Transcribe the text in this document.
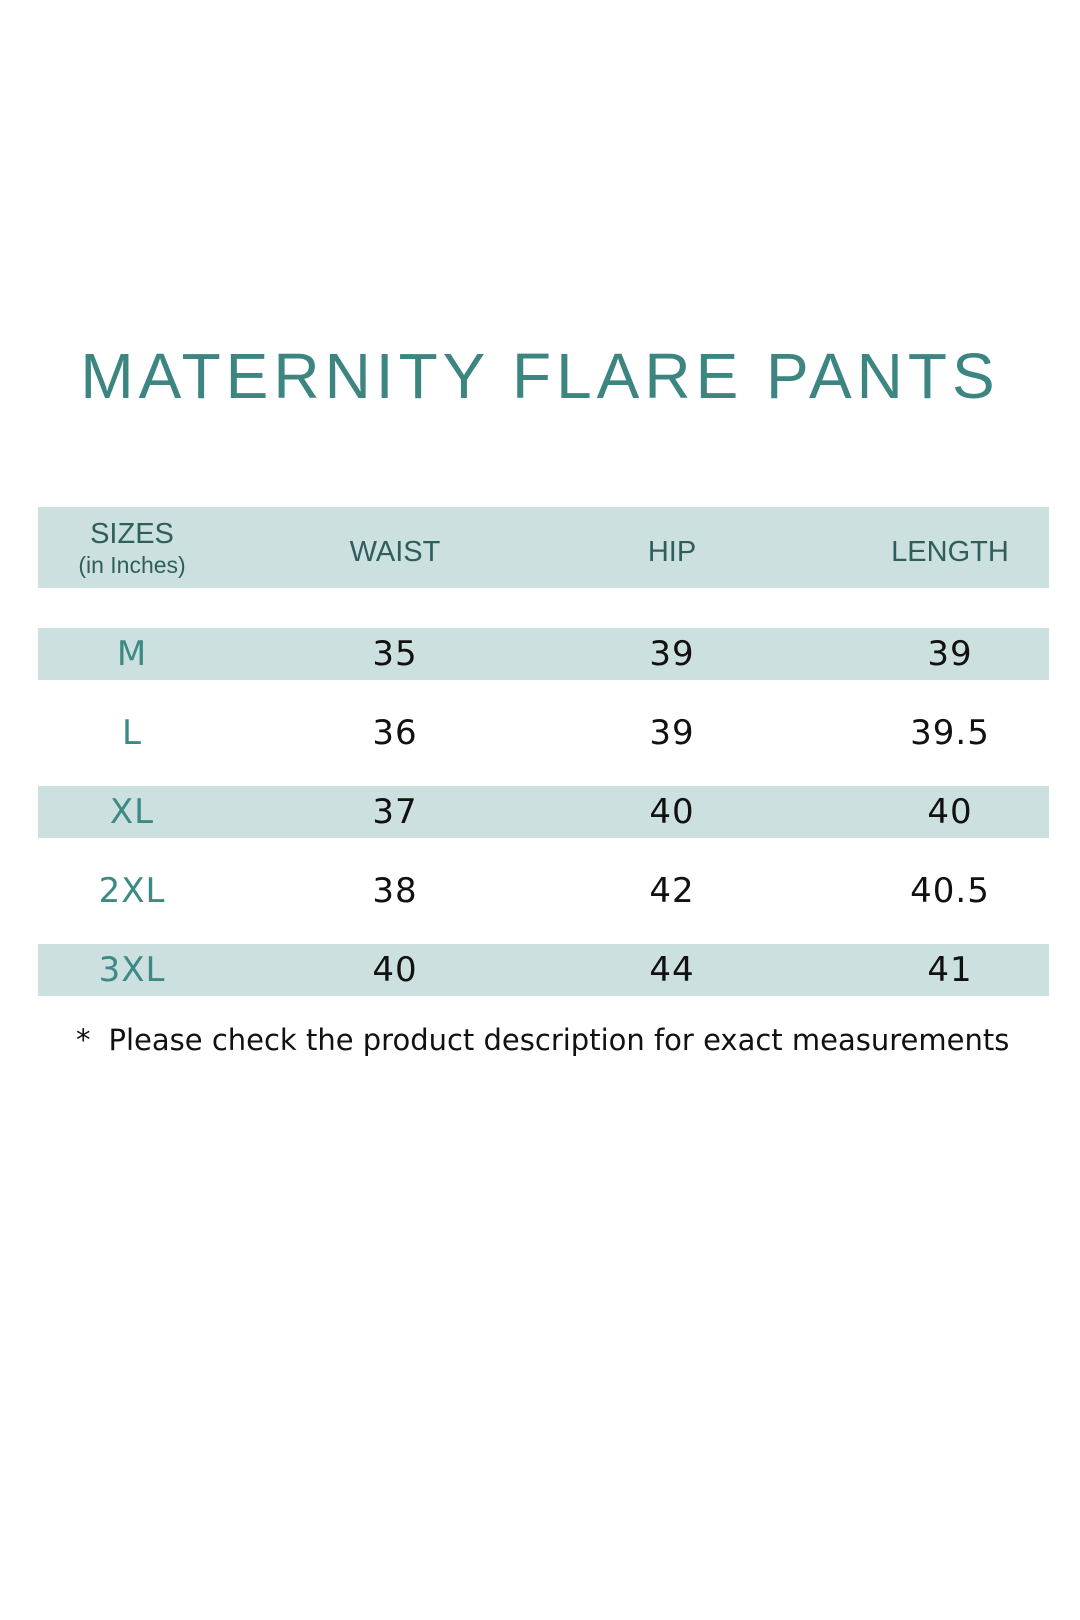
MATERNITY FLARE PANTS
SIZES
(in Inches)	WAIST	HIP	LENGTH
M	35	39	39
L	36	39	39.5
XL	37	40	40
2XL	38	42	40.5
3XL	40	44	41
* Please check the product description for exact measurements
